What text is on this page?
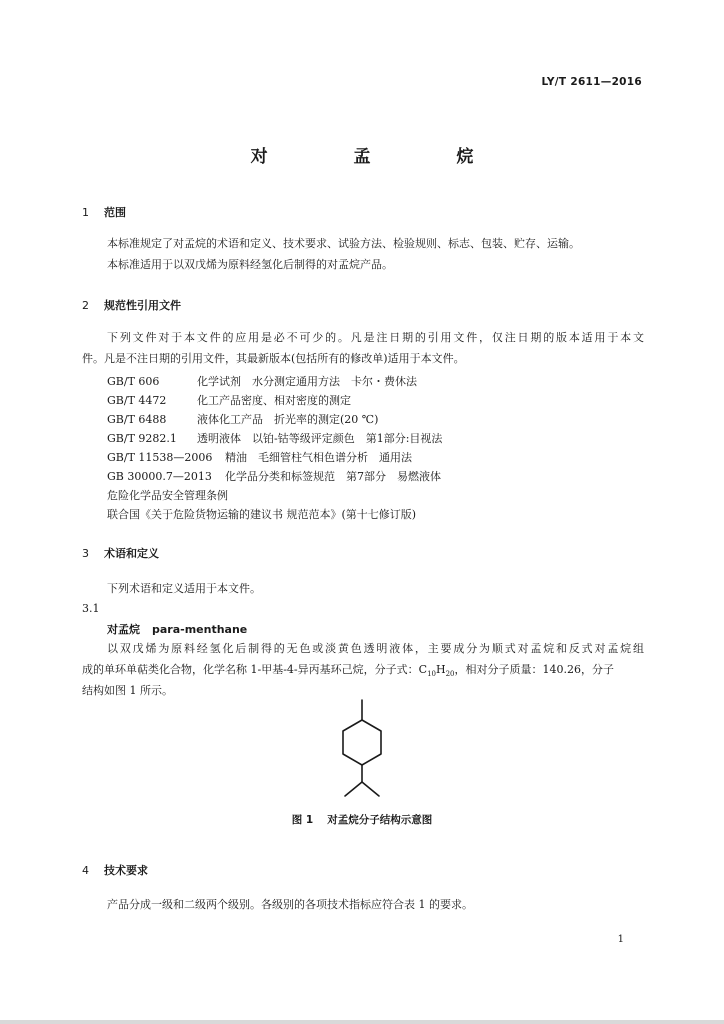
LY/T 2611—2016
对 孟 烷
1 范围
本标准规定了对孟烷的术语和定义、技术要求、试验方法、检验规则、标志、包装、贮存、运输。
本标准适用于以双戊烯为原料经氢化后制得的对孟烷产品。
2 规范性引用文件
下列文件对于本文件的应用是必不可少的。凡是注日期的引用文件，仅注日期的版本适用于本文
件。凡是不注日期的引用文件，其最新版本(包括所有的修改单)适用于本文件。
GB/T 606	化学试剂　水分测定通用方法　卡尔・费休法
GB/T 4472	化工产品密度、相对密度的测定
GB/T 6488	液体化工产品　折光率的测定(20 ℃)
GB/T 9282.1 透明液体　以铂-钴等级评定颜色　第1部分:目视法
GB/T 11538—2006 精油　毛细管柱气相色谱分析　通用法
GB 30000.7—2013 化学品分类和标签规范　第7部分　易燃液体
危险化学品安全管理条例
联合国《关于危险货物运输的建议书 规范范本》(第十七修订版)
3 术语和定义
下列术语和定义适用于本文件。
3.1
对孟烷 para-menthane
以双戊烯为原料经氢化后制得的无色或淡黄色透明液体，主要成分为顺式对孟烷和反式对孟烷组
成的单环单萜类化合物，化学名称 1-甲基-4-异丙基环己烷，分子式：$C_{10}H_{20}$，相对分子质量：140.26，分子
结构如图 1 所示。
图 1 对孟烷分子结构示意图
4 技术要求
产品分成一级和二级两个级别。各级别的各项技术指标应符合表 1 的要求。
1
